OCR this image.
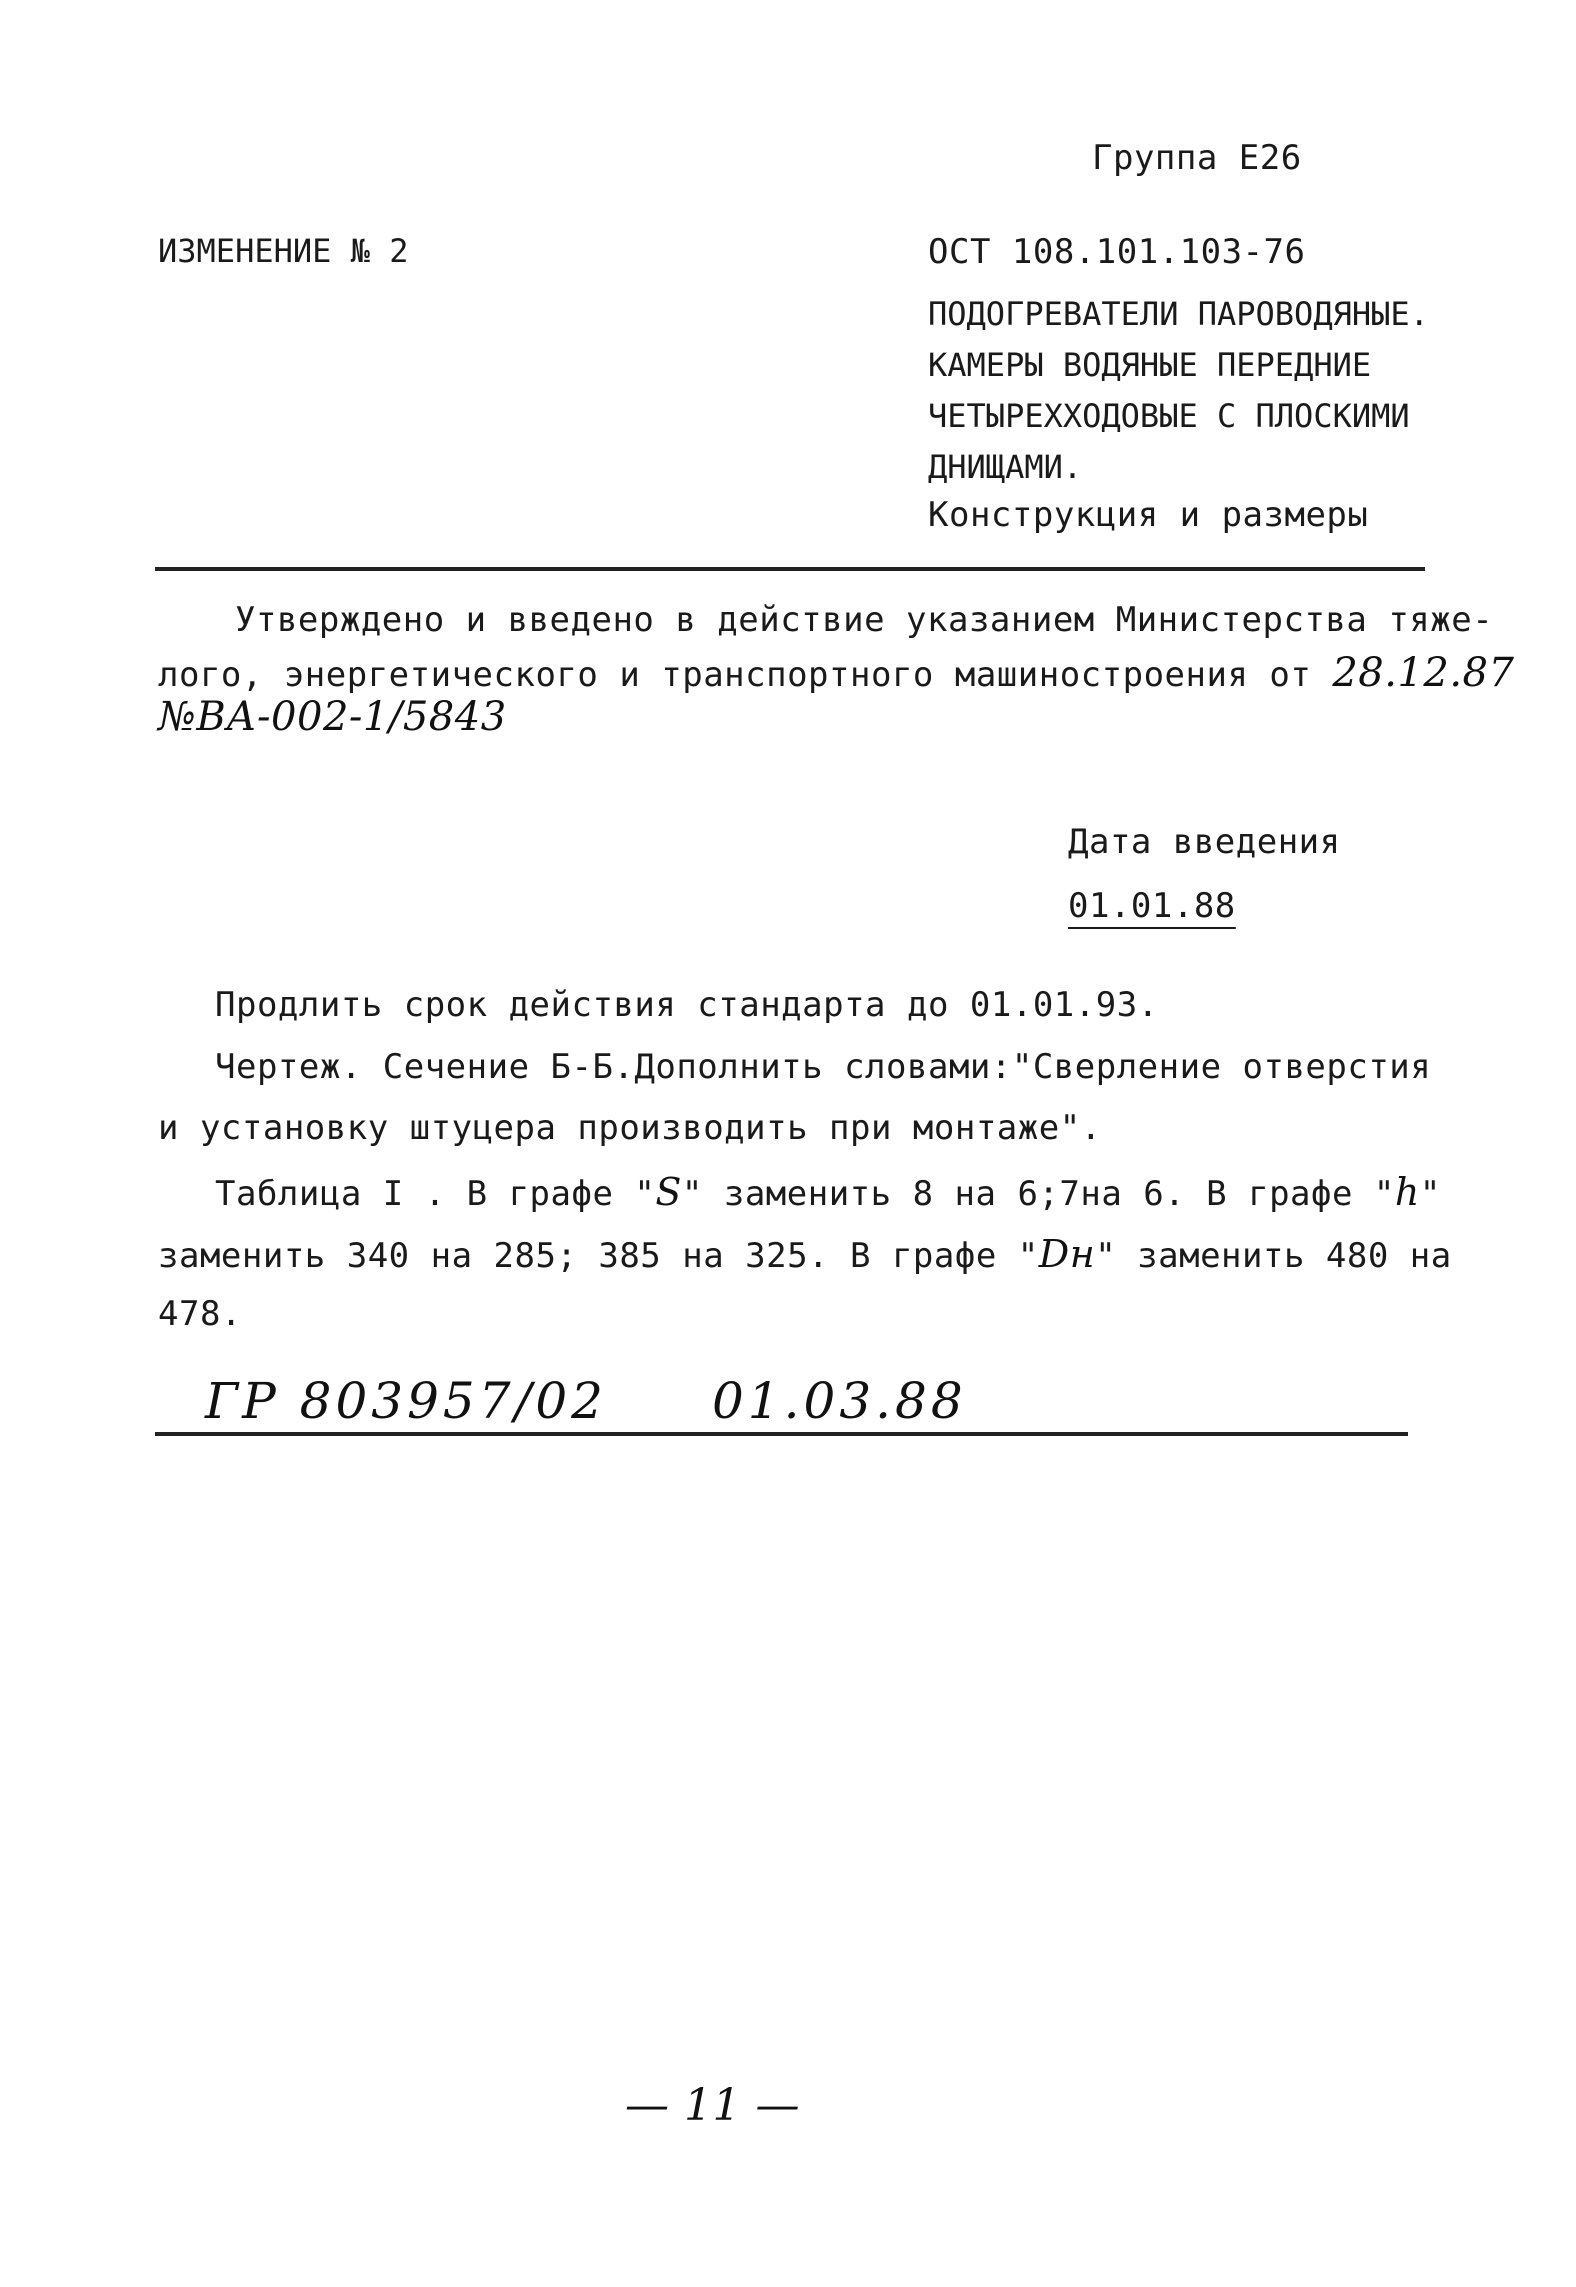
Группа Е26
ИЗМЕНЕНИЕ № 2	ОСТ 108.101.103-76
ПОДОГРЕВАТЕЛИ ПАРОВОДЯНЫЕ.
КАМЕРЫ ВОДЯНЫЕ ПЕРЕДНИЕ
ЧЕТЫРЕХХОДОВЫЕ С ПЛОСКИМИ
ДНИЩАМИ.
Конструкция и размеры
Утверждено и введено в действие указанием Министерства тяже-
лого, энергетического и транспортного машиностроения от 28.12.87
№ВА-002-1/5843
Дата введения
01.01.88
Продлить срок действия стандарта до 01.01.93.
Чертеж. Сечение Б-Б.Дополнить словами:"Сверление отверстия
и установку штуцера производить при монтаже".
Таблица I . В графе "S" заменить 8 на 6;7на 6. В графе "h"
заменить 340 на 285; 385 на 325. В графе "Dн" заменить 480 на
478.
ГР 803957/02 01.03.88
— 11 —
